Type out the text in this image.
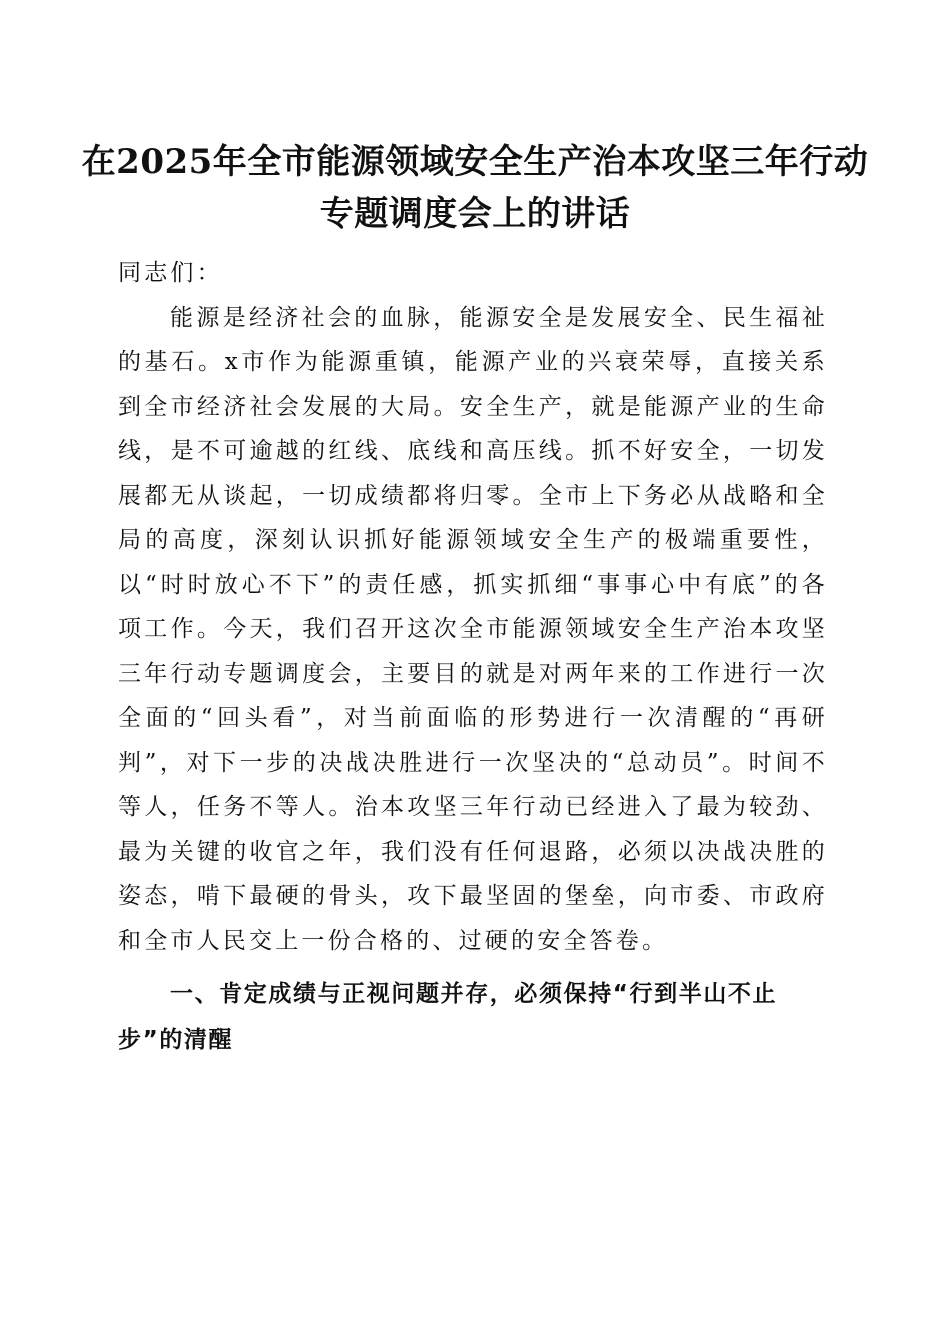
在2025年全市能源领域安全生产治本攻坚三年行动专题调度会上的讲话

同志们：

能源是经济社会的血脉，能源安全是发展安全、民生福祉的基石。x市作为能源重镇，能源产业的兴衰荣辱，直接关系到全市经济社会发展的大局。安全生产，就是能源产业的生命线，是不可逾越的红线、底线和高压线。抓不好安全，一切发展都无从谈起，一切成绩都将归零。全市上下务必从战略和全局的高度，深刻认识抓好能源领域安全生产的极端重要性，以“时时放心不下”的责任感，抓实抓细“事事心中有底”的各项工作。今天，我们召开这次全市能源领域安全生产治本攻坚三年行动专题调度会，主要目的就是对两年来的工作进行一次全面的“回头看”，对当前面临的形势进行一次清醒的“再研判”，对下一步的决战决胜进行一次坚决的“总动员”。时间不等人，任务不等人。治本攻坚三年行动已经进入了最为较劲、最为关键的收官之年，我们没有任何退路，必须以决战决胜的姿态，啃下最硬的骨头，攻下最坚固的堡垒，向市委、市政府和全市人民交上一份合格的、过硬的安全答卷。

一、肯定成绩与正视问题并存，必须保持“行到半山不止步”的清醒
